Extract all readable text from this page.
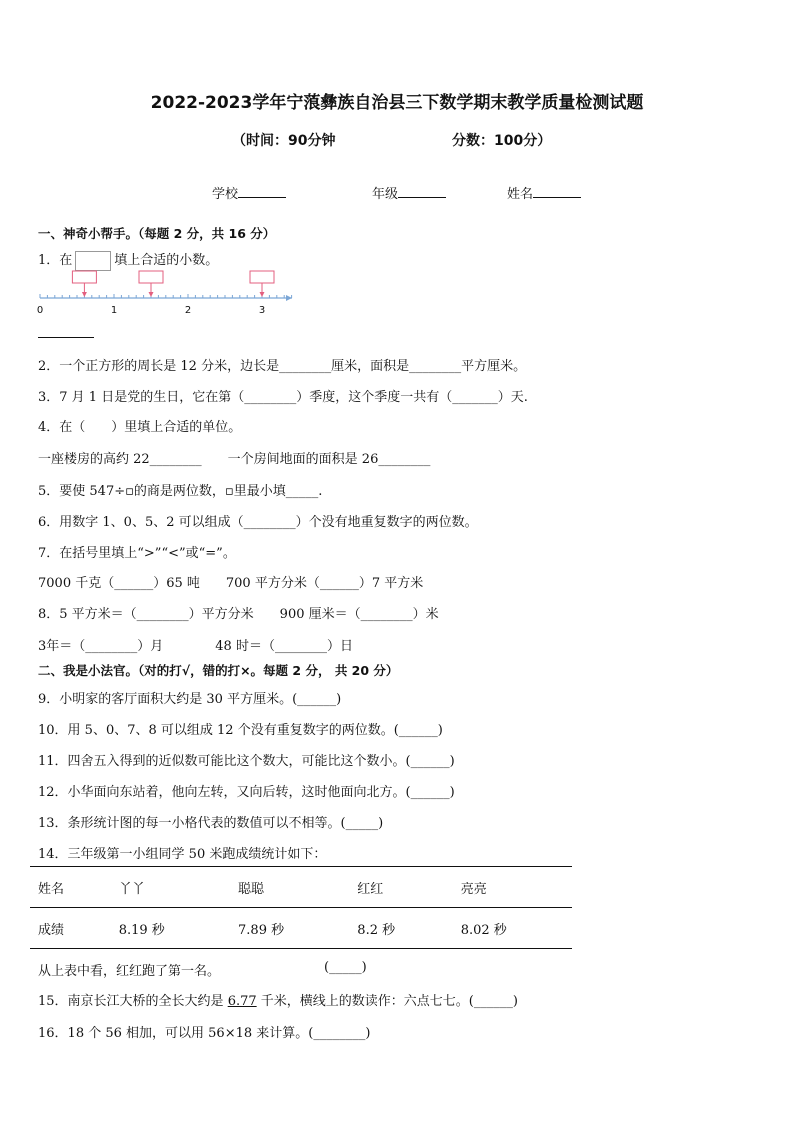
2022-2023学年宁蒗彝族自治县三下数学期末教学质量检测试题
（时间：90分钟	分数：100分）
学校	年级	姓名
一、神奇小帮手。（每题 2 分，共 16 分）
1．在	填上合适的小数。
0	1	2	3
2．一个正方形的周长是 12 分米，边长是________厘米，面积是________平方厘米。
3．7 月 1 日是党的生日，它在第（________）季度，这个季度一共有（_______）天.
4．在（　　）里填上合适的单位。
一座楼房的高约 22________　　一个房间地面的面积是 26________
5．要使 547÷▫的商是两位数，▫里最小填_____.
6．用数字 1、0、5、2 可以组成（________）个没有地重复数字的两位数。
7．在括号里填上“>”“<”或“=”。
7000 千克（______）65 吨　　700 平方分米（______）7 平方米
8．5 平方米＝（________）平方分米　　900 厘米＝（________）米
3年＝（________）月　　　　48 时＝（________）日
二、我是小法官。（对的打√，错的打×。每题 2 分， 共 20 分）
9．小明家的客厅面积大约是 30 平方厘米。(______)
10．用 5、0、7、8 可以组成 12 个没有重复数字的两位数。(______)
11．四舍五入得到的近似数可能比这个数大，可能比这个数小。(______)
12．小华面向东站着，他向左转，又向后转，这时他面向北方。(______)
13．条形统计图的每一小格代表的数值可以不相等。(_____)
14．三年级第一小组同学 50 米跑成绩统计如下：
姓名	丫丫	聪聪	红红	亮亮
成绩	8.19 秒	7.89 秒	8.2 秒	8.02 秒
从上表中看，红红跑了第一名。	(_____)
15．南京长江大桥的全长大约是 6.77 千米，横线上的数读作：六点七七。(______)
16．18 个 56 相加，可以用 56×18 来计算。(________)
